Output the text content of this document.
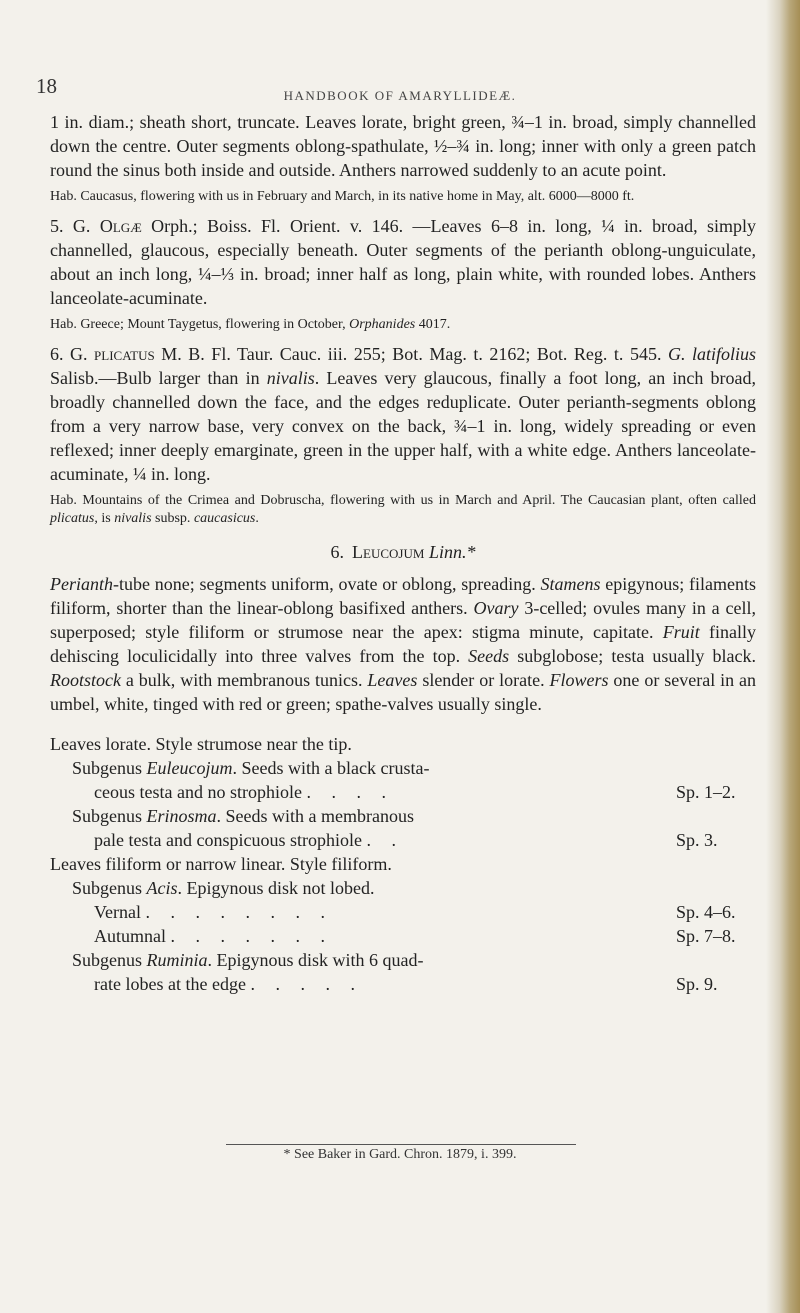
18	HANDBOOK OF AMARYLLIDEÆ.

1 in. diam.; sheath short, truncate. Leaves lorate, bright green, ¾–1 in. broad, simply channelled down the centre. Outer segments oblong-spathulate, ½–¾ in. long; inner with only a green patch round the sinus both inside and outside. Anthers narrowed suddenly to an acute point.

Hab. Caucasus, flowering with us in February and March, in its native home in May, alt. 6000—8000 ft.

5. G. Olgæ Orph.; Boiss. Fl. Orient. v. 146. —Leaves 6–8 in. long, ¼ in. broad, simply channelled, glaucous, especially beneath. Outer segments of the perianth oblong-unguiculate, about an inch long, ¼–⅓ in. broad; inner half as long, plain white, with rounded lobes. Anthers lanceolate-acuminate.

Hab. Greece; Mount Taygetus, flowering in October, Orphanides 4017.

6. G. plicatus M. B. Fl. Taur. Cauc. iii. 255; Bot. Mag. t. 2162; Bot. Reg. t. 545. G. latifolius Salisb.—Bulb larger than in nivalis. Leaves very glaucous, finally a foot long, an inch broad, broadly channelled down the face, and the edges reduplicate. Outer perianth-segments oblong from a very narrow base, very convex on the back, ¾–1 in. long, widely spreading or even reflexed; inner deeply emarginate, green in the upper half, with a white edge. Anthers lanceolate-acuminate, ¼ in. long.

Hab. Mountains of the Crimea and Dobruscha, flowering with us in March and April. The Caucasian plant, often called plicatus, is nivalis subsp. caucasicus.

6. Leucojum Linn.*

Perianth-tube none; segments uniform, ovate or oblong, spreading. Stamens epigynous; filaments filiform, shorter than the linear-oblong basifixed anthers. Ovary 3-celled; ovules many in a cell, superposed; style filiform or strumose near the apex: stigma minute, capitate. Fruit finally dehiscing loculicidally into three valves from the top. Seeds subglobose; testa usually black. Rootstock a bulk, with membranous tunics. Leaves slender or lorate. Flowers one or several in an umbel, white, tinged with red or green; spathe-valves usually single.

Leaves lorate. Style strumose near the tip.
Subgenus Euleucojum. Seeds with a black crusta-
ceous testa and no strophiole . . . .	Sp. 1–2.
Subgenus Erinosma. Seeds with a membranous
pale testa and conspicuous strophiole . .	Sp. 3.
Leaves filiform or narrow linear. Style filiform.
Subgenus Acis. Epigynous disk not lobed.
Vernal . . . . . . . .	Sp. 4–6.
Autumnal . . . . . . .	Sp. 7–8.
Subgenus Ruminia. Epigynous disk with 6 quad-
rate lobes at the edge . . . . .	Sp. 9.
* See Baker in Gard. Chron. 1879, i. 399.
